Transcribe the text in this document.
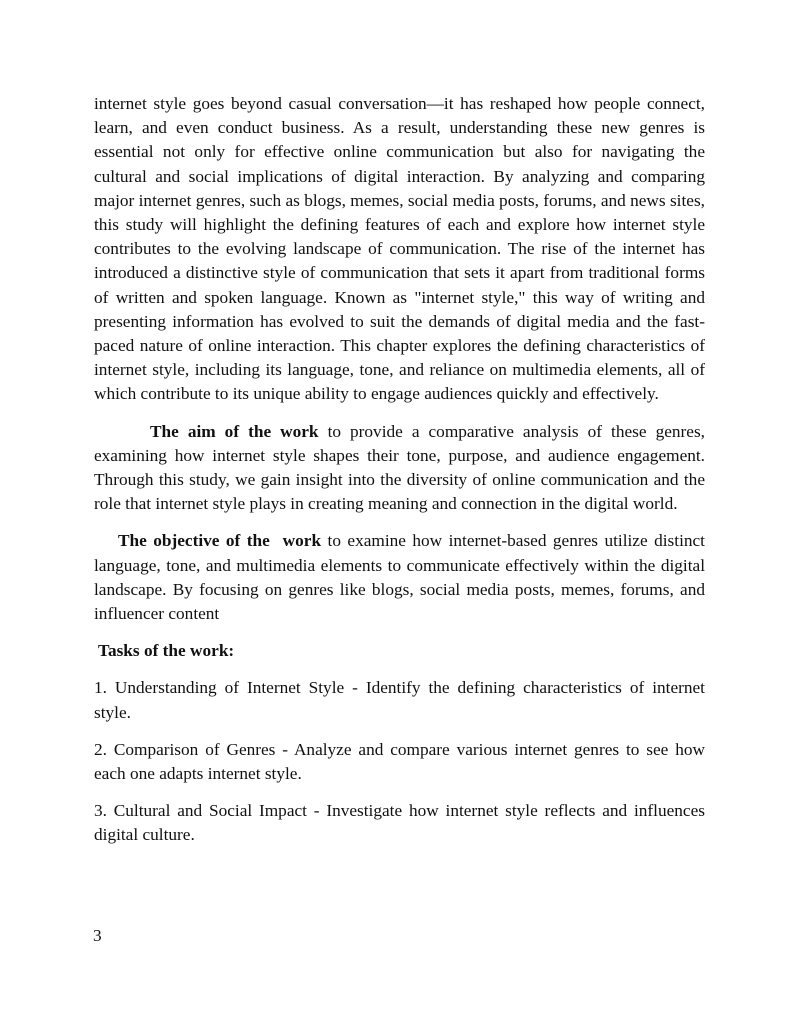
internet style goes beyond casual conversation—it has reshaped how people connect, learn, and even conduct business. As a result, understanding these new genres is essential not only for effective online communication but also for navigating the cultural and social implications of digital interaction. By analyzing and comparing major internet genres, such as blogs, memes, social media posts, forums, and news sites, this study will highlight the defining features of each and explore how internet style contributes to the evolving landscape of communication. The rise of the internet has introduced a distinctive style of communication that sets it apart from traditional forms of written and spoken language. Known as "internet style," this way of writing and presenting information has evolved to suit the demands of digital media and the fast-paced nature of online interaction. This chapter explores the defining characteristics of internet style, including its language, tone, and reliance on multimedia elements, all of which contribute to its unique ability to engage audiences quickly and effectively.

The aim of the work to provide a comparative analysis of these genres, examining how internet style shapes their tone, purpose, and audience engagement. Through this study, we gain insight into the diversity of online communication and the role that internet style plays in creating meaning and connection in the digital world.

The objective of the  work to examine how internet-based genres utilize distinct language, tone, and multimedia elements to communicate effectively within the digital landscape. By focusing on genres like blogs, social media posts, memes, forums, and influencer content

Tasks of the work:

1. Understanding of Internet Style - Identify the defining characteristics of internet style.

2. Comparison of Genres - Analyze and compare various internet genres to see how each one adapts internet style.

3. Cultural and Social Impact - Investigate how internet style reflects and influences digital culture.

3
